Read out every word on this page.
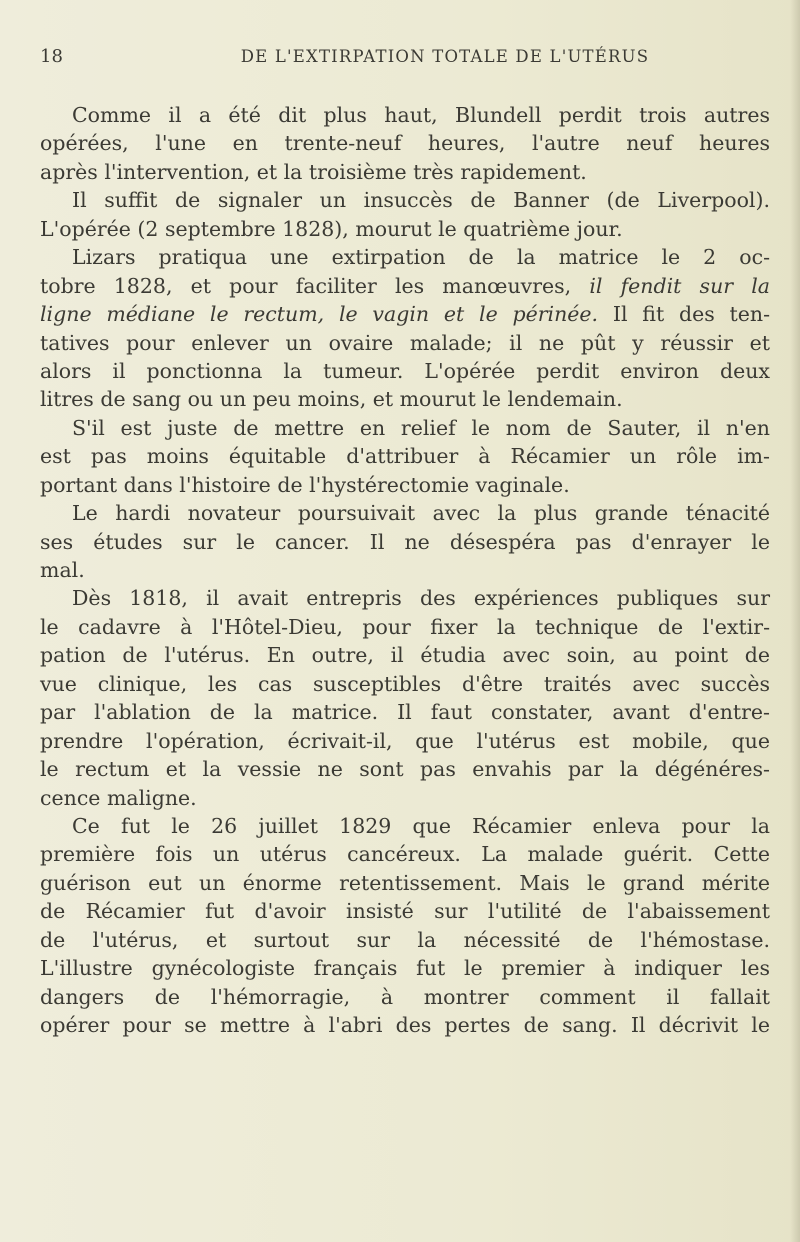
18	DE L'EXTIRPATION TOTALE DE L'UTÉRUS
Comme il a été dit plus haut, Blundell perdit trois autres
opérées, l'une en trente-neuf heures, l'autre neuf heures
après l'intervention, et la troisième très rapidement.
Il suffit de signaler un insuccès de Banner (de Liverpool).
L'opérée (2 septembre 1828), mourut le quatrième jour.
Lizars pratiqua une extirpation de la matrice le 2 oc-
tobre 1828, et pour faciliter les manœuvres, il fendit sur la
ligne médiane le rectum, le vagin et le périnée. Il fit des ten-
tatives pour enlever un ovaire malade; il ne pût y réussir et
alors il ponctionna la tumeur. L'opérée perdit environ deux
litres de sang ou un peu moins, et mourut le lendemain.
S'il est juste de mettre en relief le nom de Sauter, il n'en
est pas moins équitable d'attribuer à Récamier un rôle im-
portant dans l'histoire de l'hystérectomie vaginale.
Le hardi novateur poursuivait avec la plus grande ténacité
ses études sur le cancer. Il ne désespéra pas d'enrayer le
mal.
Dès 1818, il avait entrepris des expériences publiques sur
le cadavre à l'Hôtel-Dieu, pour fixer la technique de l'extir-
pation de l'utérus. En outre, il étudia avec soin, au point de
vue clinique, les cas susceptibles d'être traités avec succès
par l'ablation de la matrice. Il faut constater, avant d'entre-
prendre l'opération, écrivait-il, que l'utérus est mobile, que
le rectum et la vessie ne sont pas envahis par la dégénéres-
cence maligne.
Ce fut le 26 juillet 1829 que Récamier enleva pour la
première fois un utérus cancéreux. La malade guérit. Cette
guérison eut un énorme retentissement. Mais le grand mérite
de Récamier fut d'avoir insisté sur l'utilité de l'abaissement
de l'utérus, et surtout sur la nécessité de l'hémostase.
L'illustre gynécologiste français fut le premier à indiquer les
dangers de l'hémorragie, à montrer comment il fallait
opérer pour se mettre à l'abri des pertes de sang. Il décrivit le
